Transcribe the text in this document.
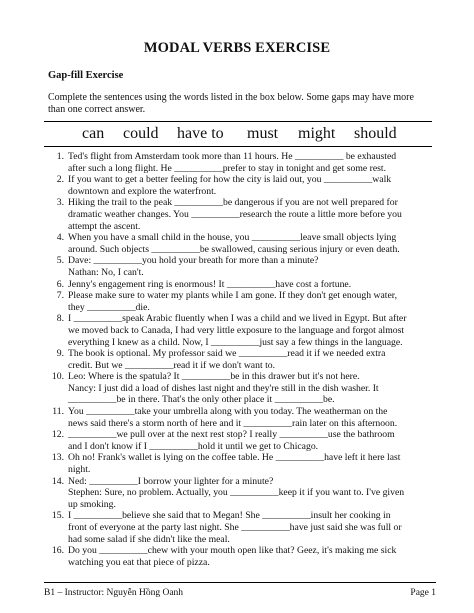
MODAL VERBS EXERCISE
Gap-fill Exercise
Complete the sentences using the words listed in the box below. Some gaps may have more
than one correct answer.
can could have to must might should
1. Ted's flight from Amsterdam took more than 11 hours. He __________ be exhausted
after such a long flight. He __________prefer to stay in tonight and get some rest.
2. If you want to get a better feeling for how the city is laid out, you __________walk
downtown and explore the waterfront.
3. Hiking the trail to the peak __________be dangerous if you are not well prepared for
dramatic weather changes. You __________research the route a little more before you
attempt the ascent.
4. When you have a small child in the house, you __________leave small objects lying
around. Such objects __________be swallowed, causing serious injury or even death.
5. Dave: __________you hold your breath for more than a minute?
Nathan: No, I can't.
6. Jenny's engagement ring is enormous! It __________have cost a fortune.
7. Please make sure to water my plants while I am gone. If they don't get enough water,
they __________die.
8. I __________speak Arabic fluently when I was a child and we lived in Egypt. But after
we moved back to Canada, I had very little exposure to the language and forgot almost
everything I knew as a child. Now, I __________just say a few things in the language.
9. The book is optional. My professor said we __________read it if we needed extra
credit. But we __________read it if we don't want to.
10. Leo: Where is the spatula? It __________be in this drawer but it's not here.
Nancy: I just did a load of dishes last night and they're still in the dish washer. It
__________be in there. That's the only other place it __________be.
11. You __________take your umbrella along with you today. The weatherman on the
news said there's a storm north of here and it __________rain later on this afternoon.
12. __________we pull over at the next rest stop? I really __________use the bathroom
and I don't know if I __________hold it until we get to Chicago.
13. Oh no! Frank's wallet is lying on the coffee table. He __________have left it here last
night.
14. Ned: __________I borrow your lighter for a minute?
Stephen: Sure, no problem. Actually, you __________keep it if you want to. I've given
up smoking.
15. I __________believe she said that to Megan! She __________insult her cooking in
front of everyone at the party last night. She __________have just said she was full or
had some salad if she didn't like the meal.
16. Do you __________chew with your mouth open like that? Geez, it's making me sick
watching you eat that piece of pizza.
B1 – Instructor: Nguyễn Hồng Oanh	Page 1
